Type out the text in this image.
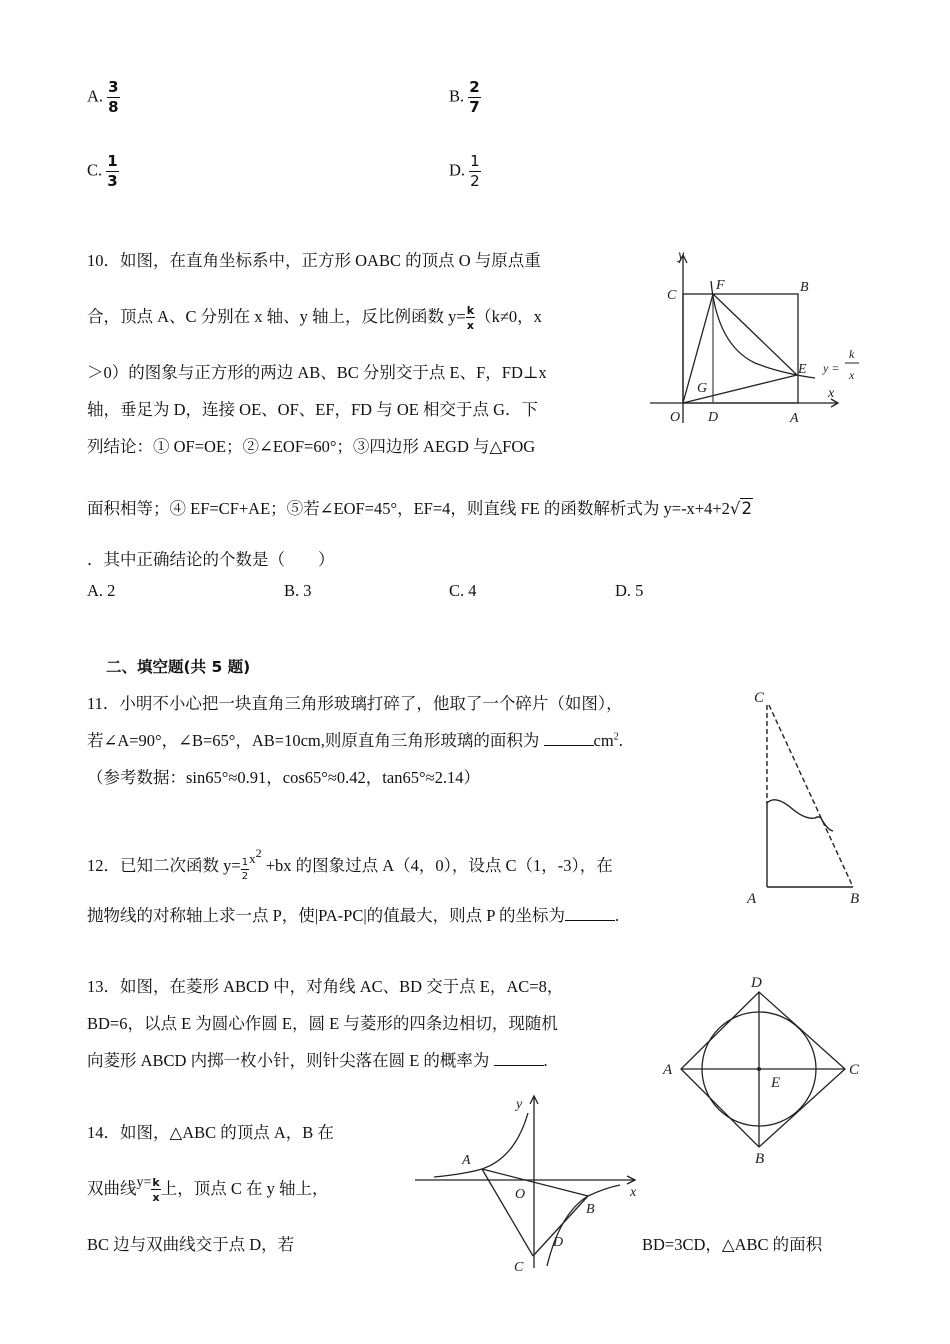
A. $\frac{3}{8}$	B. $\frac{2}{7}$
C. $\frac{1}{3}$	D. $\frac{1}{2}$
10．如图，在直角坐标系中，正方形 OABC 的顶点 O 与原点重
合，顶点 A、C 分别在 x 轴、y 轴上，反比例函数 $y= \frac{k}{x} (k\ne 0$，x
＞0）的图象与正方形的两边 AB、BC 分别交于点 E、F，FD⊥x
轴，垂足为 D，连接 OE、OF、EF，FD 与 OE 相交于点 G．下
列结论：① OF=OE；②∠EOF=60°；③四边形 AEGD 与△FOG
面积相等；④ EF=CF+AE；⑤若∠EOF=45°，EF=4，则直线 FE 的函数解析式为 y=-x+4+2√2
．其中正确结论的个数是（　　）
A. 2	B. 3	C. 4	D. 5
y
x
C
F	B
E
G
O D	A
y =
k
x
二、填空题(共 5 题)
11．小明不小心把一块直角三角形玻璃打碎了，他取了一个碎片（如图），
若∠A=90°，∠B=65°，AB=10cm,则原直角三角形玻璃的面积为	$cm^2$.
（参考数据：sin65°≈0.91，cos65°≈0.42，tan65°≈2.14）
C
A	B
12．已知二次函数 $y= \frac{1}{2} ^{x2} +bx$ 的图象过点 A（4，0），设点 C（1，-3），在
抛物线的对称轴上求一点 P，使|PA-PC|的值最大，则点 P 的坐标为	.
13．如图，在菱形 ABCD 中，对角线 AC、BD 交于点 E，AC=8，
BD=6，以点 E 为圆心作圆 E，圆 E 与菱形的四条边相切，现随机
向菱形 ABCD 内掷一枚小针，则针尖落在圆 E 的概率为	.
D
A	C
E
B
14．如图，△ABC 的顶点 A，B 在
双曲线$^{y=} \frac{k}{x}$ 上，顶点 C 在 y 轴上，
BC 边与双曲线交于点 D，若	BD=3CD，△ABC 的面积
y
x
A
O
B
C
D
